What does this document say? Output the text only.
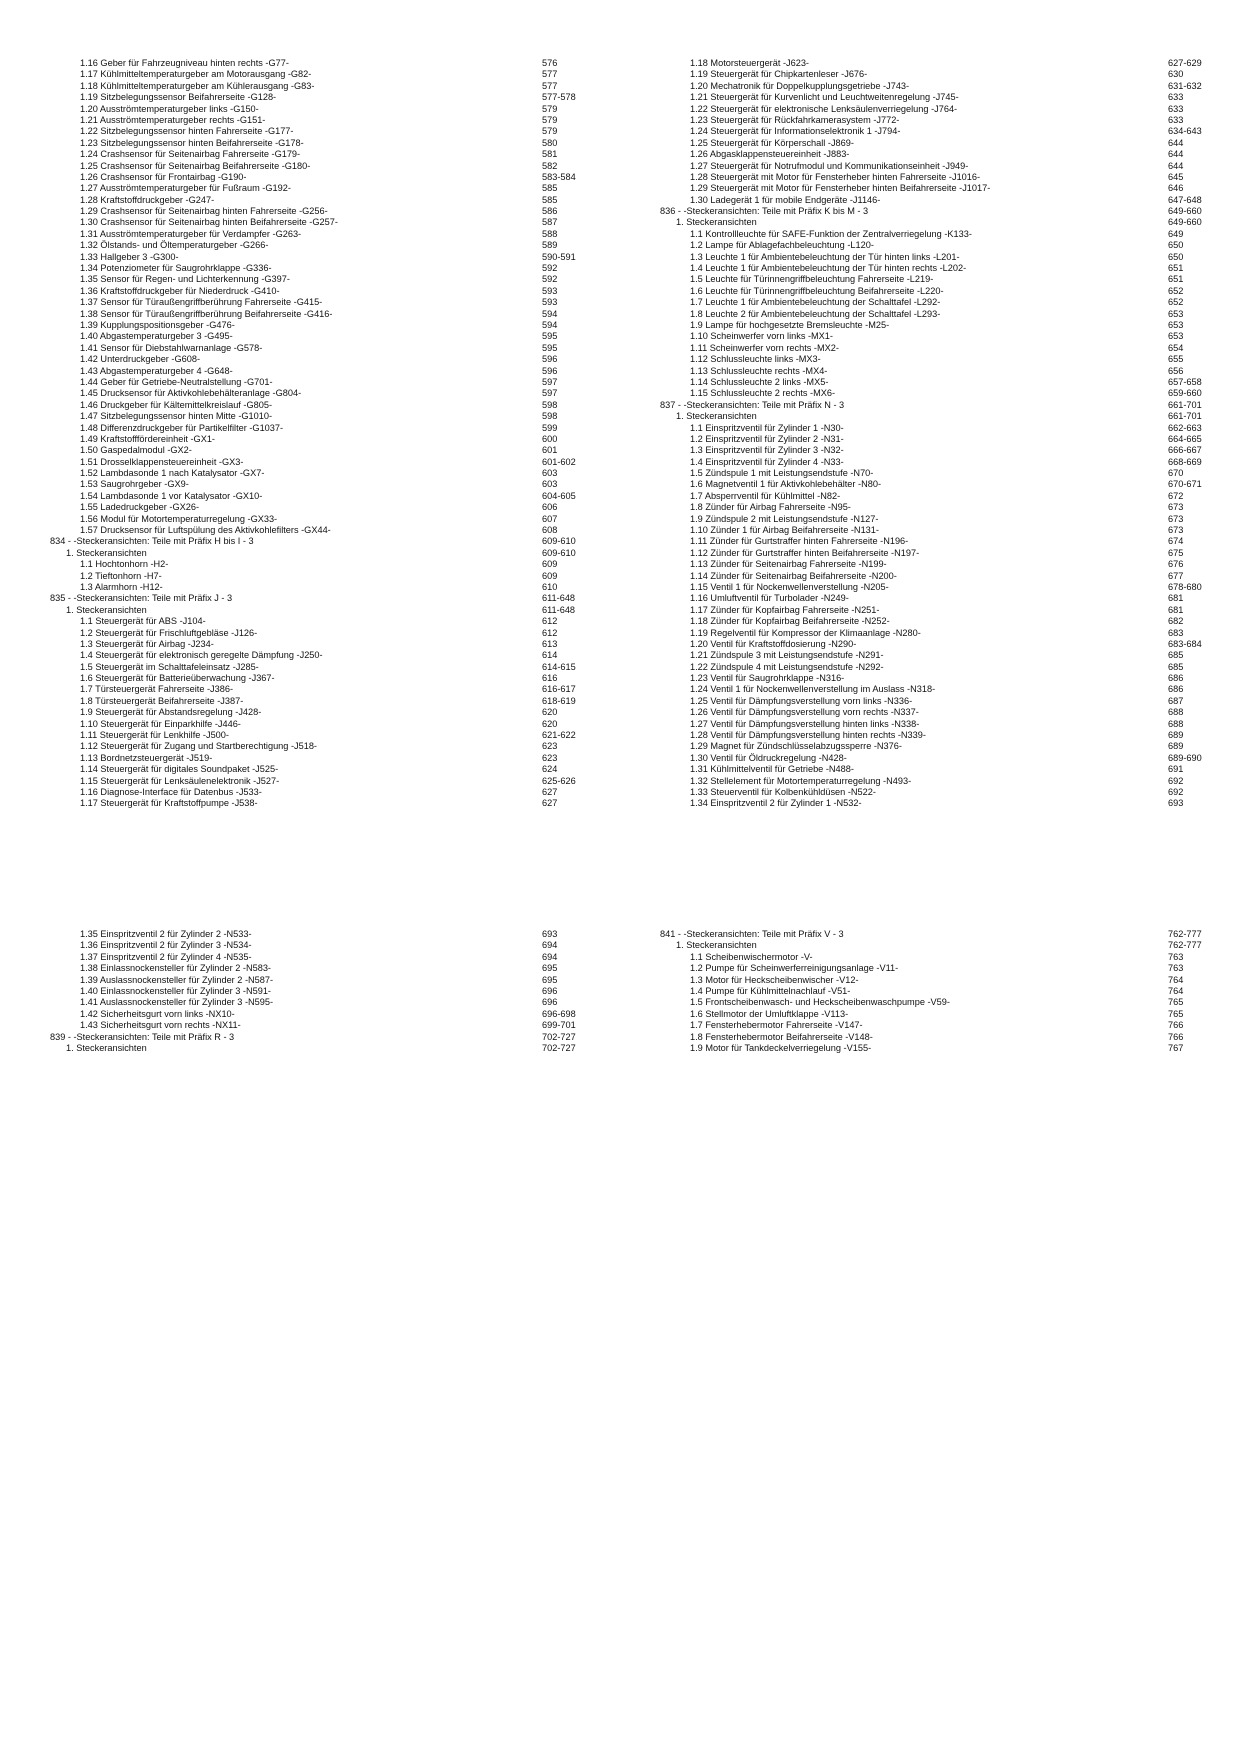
1.16 Geber für Fahrzeugniveau hinten rechts -G77-	576
1.17 Kühlmitteltemperaturgeber am Motorausgang -G82-	577
1.18 Kühlmitteltemperaturgeber am Kühlerausgang -G83-	577
1.19 Sitzbelegungssensor Beifahrerseite -G128-	577-578
1.20 Ausströmtemperaturgeber links -G150-	579
1.21 Ausströmtemperaturgeber rechts -G151-	579
1.22 Sitzbelegungssensor hinten Fahrerseite -G177-	579
1.23 Sitzbelegungssensor hinten Beifahrerseite -G178-	580
1.24 Crashsensor für Seitenairbag Fahrerseite -G179-	581
1.25 Crashsensor für Seitenairbag Beifahrerseite -G180-	582
1.26 Crashsensor für Frontairbag -G190-	583-584
1.27 Ausströmtemperaturgeber für Fußraum -G192-	585
1.28 Kraftstoffdruckgeber -G247-	585
1.29 Crashsensor für Seitenairbag hinten Fahrerseite -G256-	586
1.30 Crashsensor für Seitenairbag hinten Beifahrerseite -G257-	587
1.31 Ausströmtemperaturgeber für Verdampfer -G263-	588
1.32 Ölstands- und Öltemperaturgeber -G266-	589
1.33 Hallgeber 3 -G300-	590-591
1.34 Potenziometer für Saugrohrklappe -G336-	592
1.35 Sensor für Regen- und Lichterkennung -G397-	592
1.36 Kraftstoffdruckgeber für Niederdruck -G410-	593
1.37 Sensor für Türaußengriffberührung Fahrerseite -G415-	593
1.38 Sensor für Türaußengriffberührung Beifahrerseite -G416-	594
1.39 Kupplungspositionsgeber -G476-	594
1.40 Abgastemperaturgeber 3 -G495-	595
1.41 Sensor für Diebstahlwarnanlage -G578-	595
1.42 Unterdruckgeber -G608-	596
1.43 Abgastemperaturgeber 4 -G648-	596
1.44 Geber für Getriebe-Neutralstellung -G701-	597
1.45 Drucksensor für Aktivkohlebehälteranlage -G804-	597
1.46 Druckgeber für Kältemittelkreislauf -G805-	598
1.47 Sitzbelegungssensor hinten Mitte -G1010-	598
1.48 Differenzdruckgeber für Partikelfilter -G1037-	599
1.49 Kraftstofffördereinheit -GX1-	600
1.50 Gaspedalmodul -GX2-	601
1.51 Drosselklappensteuereinheit -GX3-	601-602
1.52 Lambdasonde 1 nach Katalysator -GX7-	603
1.53 Saugrohrgeber -GX9-	603
1.54 Lambdasonde 1 vor Katalysator -GX10-	604-605
1.55 Ladedruckgeber -GX26-	606
1.56 Modul für Motortemperaturregelung -GX33-	607
1.57 Drucksensor für Luftspülung des Aktivkohlefilters -GX44-	608
834 - -Steckeransichten: Teile mit Präfix H bis I - 3	609-610
1. Steckeransichten	609-610
1.1 Hochtonhorn -H2-	609
1.2 Tieftonhorn -H7-	609
1.3 Alarmhorn -H12-	610
835 - -Steckeransichten: Teile mit Präfix J - 3	611-648
1. Steckeransichten	611-648
1.1 Steuergerät für ABS -J104-	612
1.2 Steuergerät für Frischluftgebläse -J126-	612
1.3 Steuergerät für Airbag -J234-	613
1.4 Steuergerät für elektronisch geregelte Dämpfung -J250-	614
1.5 Steuergerät im Schalttafeleinsatz -J285-	614-615
1.6 Steuergerät für Batterieüberwachung -J367-	616
1.7 Türsteuergerät Fahrerseite -J386-	616-617
1.8 Türsteuergerät Beifahrerseite -J387-	618-619
1.9 Steuergerät für Abstandsregelung -J428-	620
1.10 Steuergerät für Einparkhilfe -J446-	620
1.11 Steuergerät für Lenkhilfe -J500-	621-622
1.12 Steuergerät für Zugang und Startberechtigung -J518-	623
1.13 Bordnetzsteuergerät -J519-	623
1.14 Steuergerät für digitales Soundpaket -J525-	624
1.15 Steuergerät für Lenksäulenelektronik -J527-	625-626
1.16 Diagnose-Interface für Datenbus -J533-	627
1.17 Steuergerät für Kraftstoffpumpe -J538-	627
1.18 Motorsteuergerät -J623-	627-629
1.19 Steuergerät für Chipkartenleser -J676-	630
1.20 Mechatronik für Doppelkupplungsgetriebe -J743-	631-632
1.21 Steuergerät für Kurvenlicht und Leuchtweitenregelung -J745-	633
1.22 Steuergerät für elektronische Lenksäulenverriegelung -J764-	633
1.23 Steuergerät für Rückfahrkamerasystem -J772-	633
1.24 Steuergerät für Informationselektronik 1 -J794-	634-643
1.25 Steuergerät für Körperschall -J869-	644
1.26 Abgasklappensteuereinheit -J883-	644
1.27 Steuergerät für Notrufmodul und Kommunikationseinheit -J949-	644
1.28 Steuergerät mit Motor für Fensterheber hinten Fahrerseite -J1016-	645
1.29 Steuergerät mit Motor für Fensterheber hinten Beifahrerseite -J1017-	646
1.30 Ladegerät 1 für mobile Endgeräte -J1146-	647-648
836 - -Steckeransichten: Teile mit Präfix K bis M - 3	649-660
1. Steckeransichten	649-660
1.1 Kontrollleuchte für SAFE-Funktion der Zentralverriegelung -K133-	649
1.2 Lampe für Ablagefachbeleuchtung -L120-	650
1.3 Leuchte 1 für Ambientebeleuchtung der Tür hinten links -L201-	650
1.4 Leuchte 1 für Ambientebeleuchtung der Tür hinten rechts -L202-	651
1.5 Leuchte für Türinnengriffbeleuchtung Fahrerseite -L219-	651
1.6 Leuchte für Türinnengriffbeleuchtung Beifahrerseite -L220-	652
1.7 Leuchte 1 für Ambientebeleuchtung der Schalttafel -L292-	652
1.8 Leuchte 2 für Ambientebeleuchtung der Schalttafel -L293-	653
1.9 Lampe für hochgesetzte Bremsleuchte -M25-	653
1.10 Scheinwerfer vorn links -MX1-	653
1.11 Scheinwerfer vorn rechts -MX2-	654
1.12 Schlussleuchte links -MX3-	655
1.13 Schlussleuchte rechts -MX4-	656
1.14 Schlussleuchte 2 links -MX5-	657-658
1.15 Schlussleuchte 2 rechts -MX6-	659-660
837 - -Steckeransichten: Teile mit Präfix N - 3	661-701
1. Steckeransichten	661-701
1.1 Einspritzventil für Zylinder 1 -N30-	662-663
1.2 Einspritzventil für Zylinder 2 -N31-	664-665
1.3 Einspritzventil für Zylinder 3 -N32-	666-667
1.4 Einspritzventil für Zylinder 4 -N33-	668-669
1.5 Zündspule 1 mit Leistungsendstufe -N70-	670
1.6 Magnetventil 1 für Aktivkohlebehälter -N80-	670-671
1.7 Absperrventil für Kühlmittel -N82-	672
1.8 Zünder für Airbag Fahrerseite -N95-	673
1.9 Zündspule 2 mit Leistungsendstufe -N127-	673
1.10 Zünder 1 für Airbag Beifahrerseite -N131-	673
1.11 Zünder für Gurtstraffer hinten Fahrerseite -N196-	674
1.12 Zünder für Gurtstraffer hinten Beifahrerseite -N197-	675
1.13 Zünder für Seitenairbag Fahrerseite -N199-	676
1.14 Zünder für Seitenairbag Beifahrerseite -N200-	677
1.15 Ventil 1 für Nockenwellenverstellung -N205-	678-680
1.16 Umluftventil für Turbolader -N249-	681
1.17 Zünder für Kopfairbag Fahrerseite -N251-	681
1.18 Zünder für Kopfairbag Beifahrerseite -N252-	682
1.19 Regelventil für Kompressor der Klimaanlage -N280-	683
1.20 Ventil für Kraftstoffdosierung -N290-	683-684
1.21 Zündspule 3 mit Leistungsendstufe -N291-	685
1.22 Zündspule 4 mit Leistungsendstufe -N292-	685
1.23 Ventil für Saugrohrklappe -N316-	686
1.24 Ventil 1 für Nockenwellenverstellung im Auslass -N318-	686
1.25 Ventil für Dämpfungsverstellung vorn links -N336-	687
1.26 Ventil für Dämpfungsverstellung vorn rechts -N337-	688
1.27 Ventil für Dämpfungsverstellung hinten links -N338-	688
1.28 Ventil für Dämpfungsverstellung hinten rechts -N339-	689
1.29 Magnet für Zündschlüsselabzugssperre -N376-	689
1.30 Ventil für Öldruckregelung -N428-	689-690
1.31 Kühlmittelventil für Getriebe -N488-	691
1.32 Stellelement für Motortemperaturregelung -N493-	692
1.33 Steuerventil für Kolbenkühldüsen -N522-	692
1.34 Einspritzventil 2 für Zylinder 1 -N532-	693
1.35 Einspritzventil 2 für Zylinder 2 -N533-	693
1.36 Einspritzventil 2 für Zylinder 3 -N534-	694
1.37 Einspritzventil 2 für Zylinder 4 -N535-	694
1.38 Einlassnockensteller für Zylinder 2 -N583-	695
1.39 Auslassnockensteller für Zylinder 2 -N587-	695
1.40 Einlassnockensteller für Zylinder 3 -N591-	696
1.41 Auslassnockensteller für Zylinder 3 -N595-	696
1.42 Sicherheitsgurt vorn links -NX10-	696-698
1.43 Sicherheitsgurt vorn rechts -NX11-	699-701
839 - -Steckeransichten: Teile mit Präfix R - 3	702-727
1. Steckeransichten	702-727
841 - -Steckeransichten: Teile mit Präfix V - 3	762-777
1. Steckeransichten	762-777
1.1 Scheibenwischermotor -V-	763
1.2 Pumpe für Scheinwerferreinigungsanlage -V11-	763
1.3 Motor für Heckscheibenwischer -V12-	764
1.4 Pumpe für Kühlmittelnachlauf -V51-	764
1.5 Frontscheibenwasch- und Heckscheibenwaschpumpe -V59-	765
1.6 Stellmotor der Umluftklappe -V113-	765
1.7 Fensterhebermotor Fahrerseite -V147-	766
1.8 Fensterhebermotor Beifahrerseite -V148-	766
1.9 Motor für Tankdeckelverriegelung -V155-	767
